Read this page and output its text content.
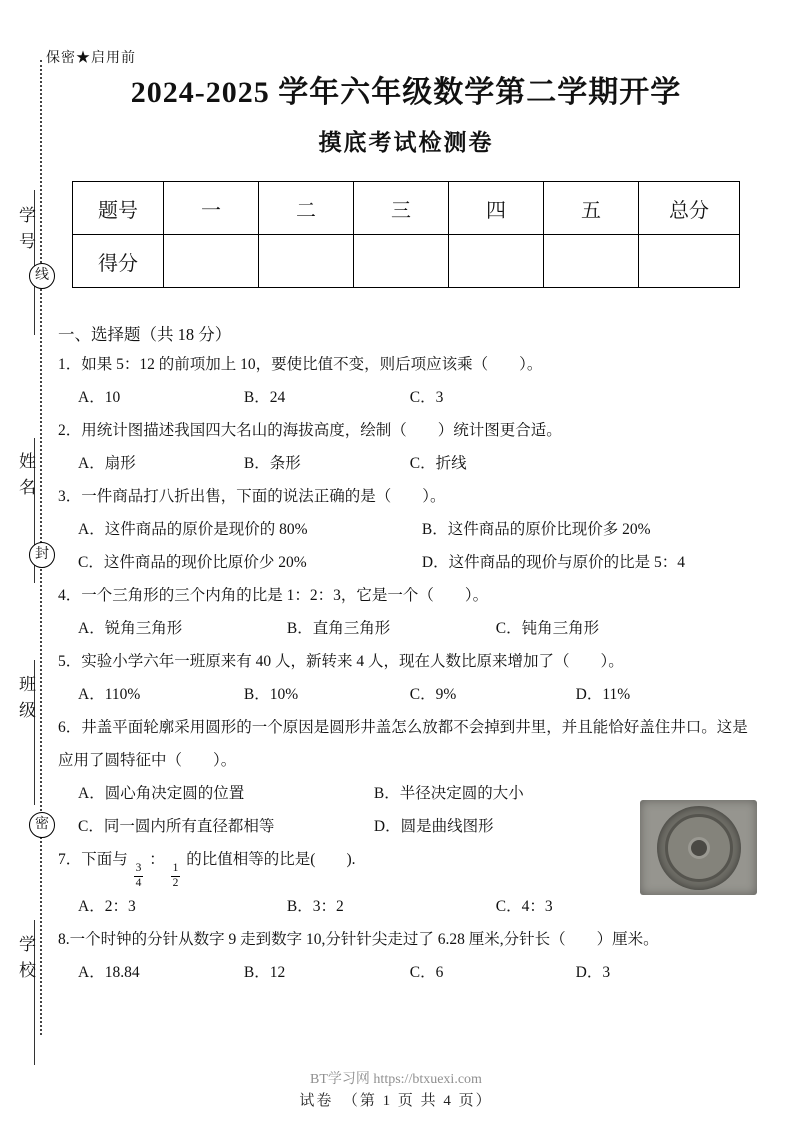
保密★启用前
学号
线
姓名
封
班级
密
学校
2024-2025 学年六年级数学第二学期开学
摸底考试检测卷
题号	一	二	三	四	五	总分
得分						
一、选择题（共 18 分）
1．如果 5：12 的前项加上 10，要使比值不变，则后项应该乘（　　）。
A．10	B．24	C．3
2．用统计图描述我国四大名山的海拔高度，绘制（　　）统计图更合适。
A．扇形	B．条形	C．折线
3．一件商品打八折出售，下面的说法正确的是（　　）。
A．这件商品的原价是现价的 80%	B．这件商品的原价比现价多 20%
C．这件商品的现价比原价少 20%	D．这件商品的现价与原价的比是 5：4
4．一个三角形的三个内角的比是 1：2：3，它是一个（　　）。
A．锐角三角形	B．直角三角形	C．钝角三角形
5．实验小学六年一班原来有 40 人，新转来 4 人，现在人数比原来增加了（　　）。
A．110%	B．10%	C．9%	D．11%
6．井盖平面轮廓采用圆形的一个原因是圆形井盖怎么放都不会掉到井里，并且能恰好盖住井口。这是应用了圆特征中（　　）。
A．圆心角决定圆的位置	B．半径决定圆的大小
C．同一圆内所有直径都相等	D．圆是曲线图形
7．下面与
$\frac{3}{4}$
：
$\frac{1}{2}$
的比值相等的比是(　　).
A．2：3	B．3：2	C．4：3
8.一个时钟的分针从数字 9 走到数字 10,分针针尖走过了 6.28 厘米,分针长（　　）厘米。
A．18.84	B．12	C．6	D．3
BT学习网 https://btxuexi.com
试卷　（第 1 页 共 4 页）
